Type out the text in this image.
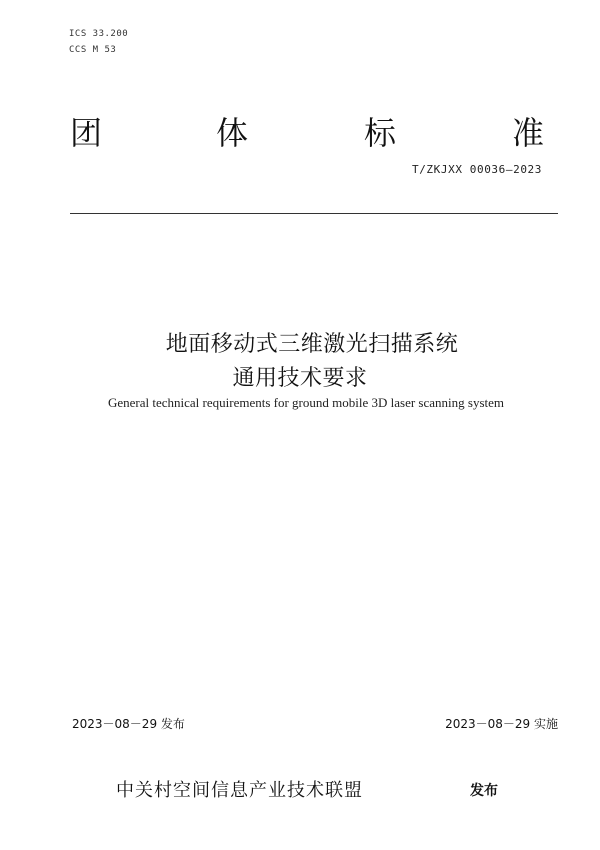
ICS 33.200
CCS M 53
团	体	标	准
T/ZKJXX 00036—2023
地面移动式三维激光扫描系统
通用技术要求
General technical requirements for ground mobile 3D laser scanning system
2023－08－29 发布	2023－08－29 实施
中关村空间信息产业技术联盟	发布
